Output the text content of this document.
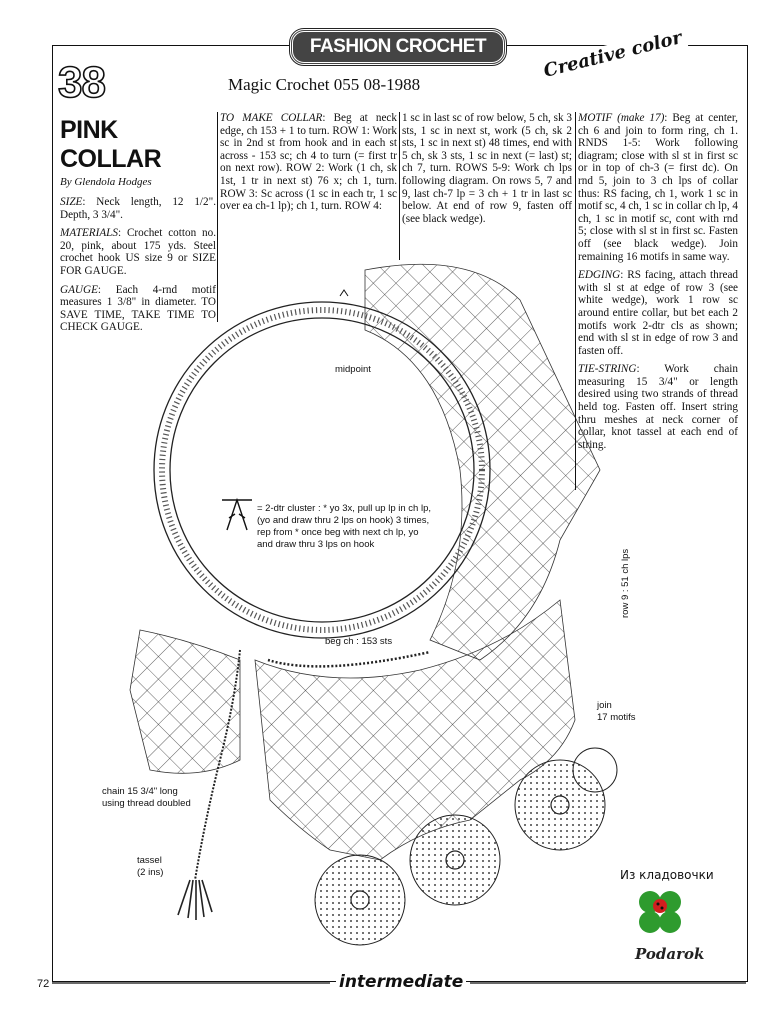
FASHION CROCHET	Creative color
38	Magic Crochet 055 08-1988
PINK
COLLAR
By Glendola Hodges

SIZE: Neck length, 12 1/2". Depth, 3 3/4".

MATERIALS: Crochet cotton no. 20, pink, about 175 yds. Steel crochet hook US size 9 or SIZE FOR GAUGE.

GAUGE: Each 4-rnd motif measures 1 3/8" in diameter. TO SAVE TIME, TAKE TIME TO CHECK GAUGE.

TO MAKE COLLAR: Beg at neck edge, ch 153 + 1 to turn. ROW 1: Work sc in 2nd st from hook and in each st across - 153 sc; ch 4 to turn (= first tr on next row). ROW 2: Work (1 ch, sk 1st, 1 tr in next st) 76 x; ch 1, turn. ROW 3: Sc across (1 sc in each tr, 1 sc over ea ch-1 lp); ch 1, turn. ROW 4:

1 sc in last sc of row below, 5 ch, sk 3 sts, 1 sc in next st, work (5 ch, sk 2 sts, 1 sc in next st) 48 times, end with 5 ch, sk 3 sts, 1 sc in next (= last) st; ch 7, turn. ROWS 5-9: Work ch lps following diagram. On rows 5, 7 and 9, last ch-7 lp = 3 ch + 1 tr in last sc below. At end of row 9, fasten off (see black wedge).

MOTIF (make 17): Beg at center, ch 6 and join to form ring, ch 1. RNDS 1-5: Work following diagram; close with sl st in first sc or in top of ch-3 (= first dc). On rnd 5, join to 3 ch lps of collar thus: RS facing, ch 1, work 1 sc in motif sc, 4 ch, 1 sc in collar ch lp, 4 ch, 1 sc in motif sc, cont with rnd 5; close with sl st in first sc. Fasten off (see black wedge). Join remaining 16 motifs in same way.

EDGING: RS facing, attach thread with sl st at edge of row 3 (see white wedge), work 1 row sc around entire collar, but bet each 2 motifs work 2-dtr cls as shown; end with sl st in edge of row 3 and fasten off.

TIE-STRING: Work chain measuring 15 3/4" or length desired using two strands of thread held tog. Fasten off. Insert string thru meshes at neck corner of collar, knot tassel at each end of string.

midpoint
= 2-dtr cluster : * yo 3x, pull up lp in ch lp, (yo and draw thru 2 lps on hook) 3 times, rep from * once beg with next ch lp, yo and draw thru 3 lps on hook
beg ch : 153 sts
row 9 : 51 ch lps
join
17 motifs
chain 15 3/4" long
using thread doubled
tassel
(2 ins)	Из кладовочки
Podarok
72	intermediate
